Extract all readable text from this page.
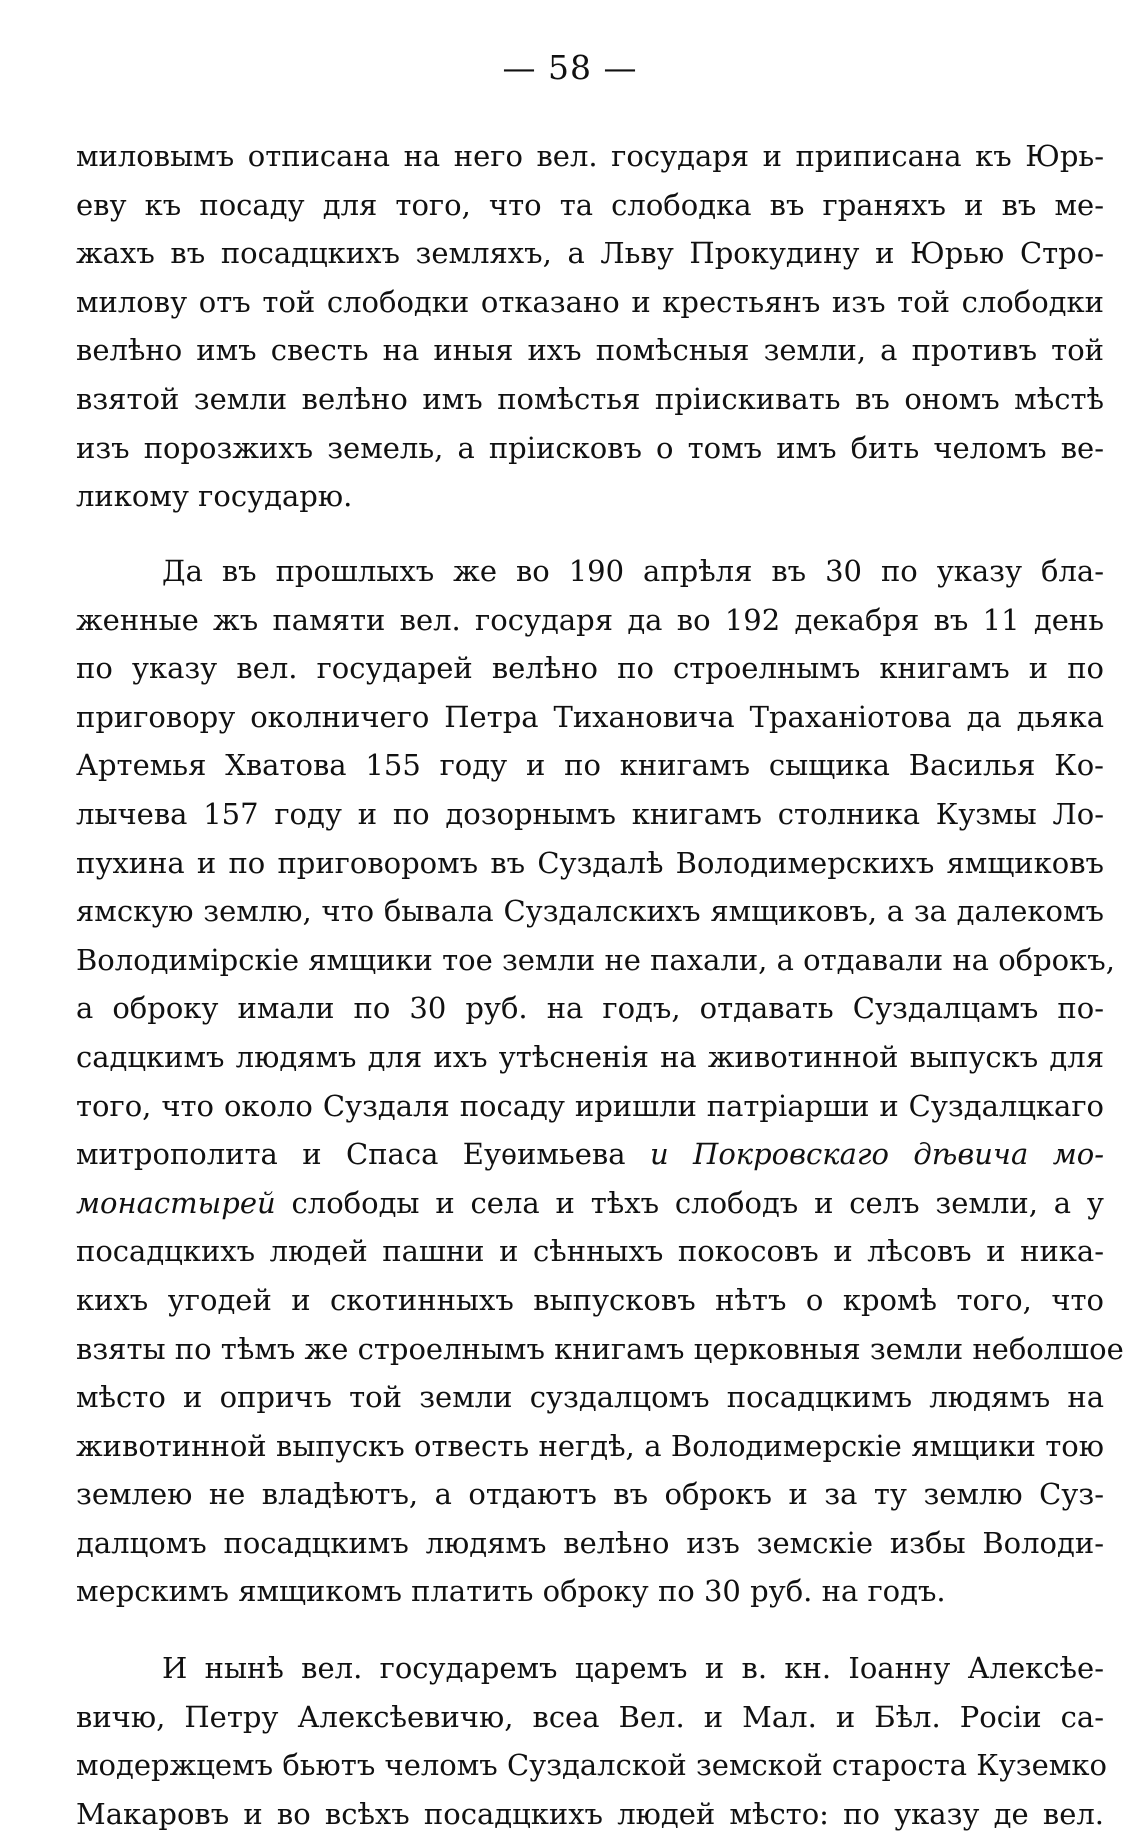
— 58 —
миловымъ отписана на него вел. государя и приписана къ Юрь-
еву къ посаду для того, что та слободка въ граняхъ и въ ме-
жахъ въ посадцкихъ земляхъ, а Льву Прокудину и Юрью Стро-
милову отъ той слободки отказано и крестьянъ изъ той слободки
велѣно имъ свесть на иныя ихъ помѣсныя земли, а противъ той
взятой земли велѣно имъ помѣстья прiискивать въ ономъ мѣстѣ
изъ порозжихъ земель, а прiисковъ о томъ имъ бить челомъ ве-
ликому государю.
Да въ прошлыхъ же во 190 апрѣля въ 30 по указу бла-
женные жъ памяти вел. государя да во 192 декабря въ 11 день
по указу вел. государей велѣно по строелнымъ книгамъ и по
приговору околничего Петра Тихановича Траханiотова да дьяка
Артемья Хватова 155 году и по книгамъ сыщика Василья Ко-
лычева 157 году и по дозорнымъ книгамъ столника Кузмы Ло-
пухина и по приговоромъ въ Суздалѣ Володимерскихъ ямщиковъ
ямскую землю, что бывала Суздалскихъ ямщиковъ, а за далекомъ
Володимiрскiе ямщики тое земли не пахали, а отдавали на оброкъ,
а оброку имали по 30 руб. на годъ, отдавать Суздалцамъ по-
садцкимъ людямъ для ихъ утѣсненiя на животинной выпускъ для
того, что около Суздаля посаду иришли патрiарши и Суздалцкаго
митрополита и Спаса Еуѳимьева и Покровскаго дѣвича мо-
монастырей слободы и села и тѣхъ слободъ и селъ земли, а у
посадцкихъ людей пашни и сѣнныхъ покосовъ и лѣсовъ и ника-
кихъ угодей и скотинныхъ выпусковъ нѣтъ о кромѣ того, что
взяты по тѣмъ же строелнымъ книгамъ церковныя земли неболшое
мѣсто и опричъ той земли суздалцомъ посадцкимъ людямъ на
животинной выпускъ отвесть негдѣ, а Володимерскiе ямщики тою
землею не владѣютъ, а отдаютъ въ оброкъ и за ту землю Суз-
далцомъ посадцкимъ людямъ велѣно изъ земскiе избы Володи-
мерскимъ ямщикомъ платить оброку по 30 руб. на годъ.
И нынѣ вел. государемъ царемъ и в. кн. Iоанну Алексѣе-
вичю, Петру Алексѣевичю, всеа Вел. и Мал. и Бѣл. Росiи са-
модержцемъ бьютъ челомъ Суздалской земской староста Куземко
Макаровъ и во всѣхъ посадцкихъ людей мѣсто: по указу де вел.
